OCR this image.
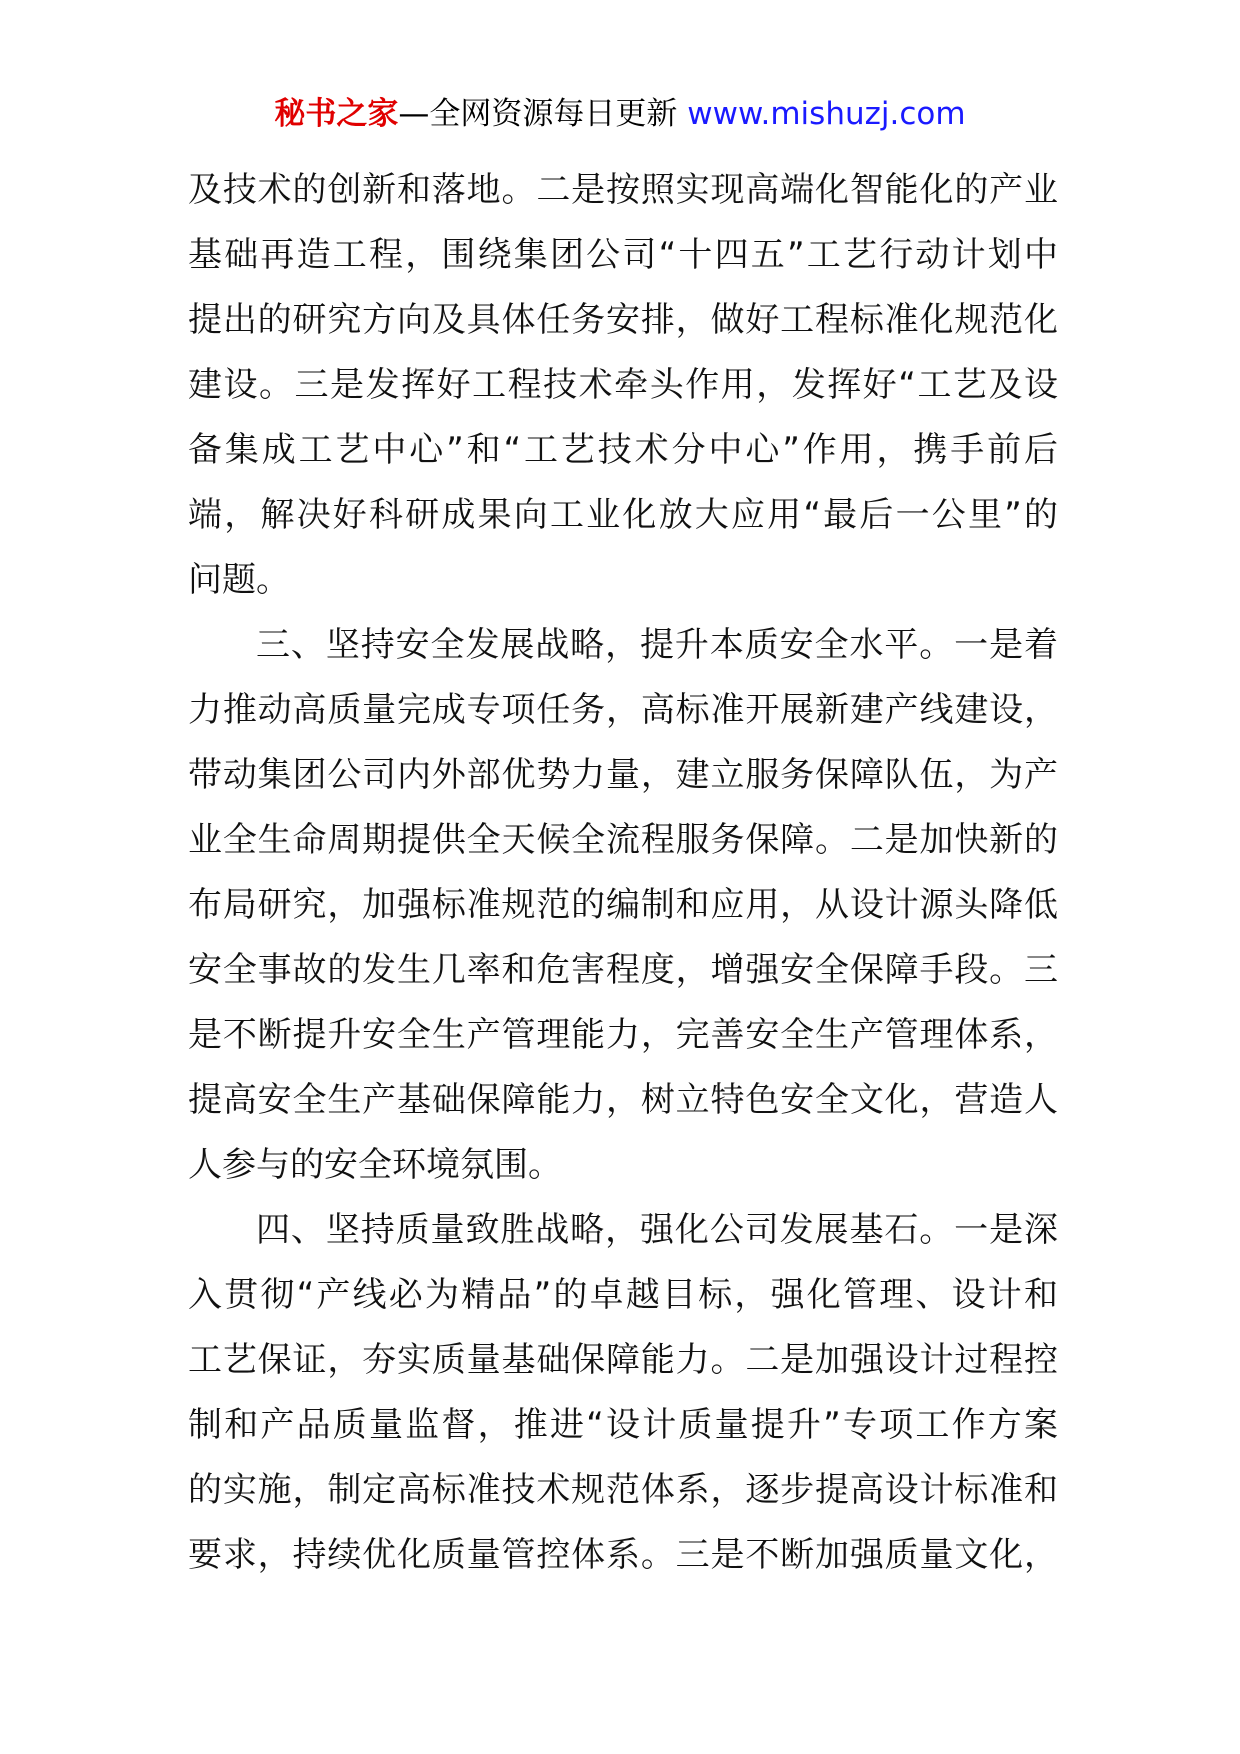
秘书之家—全网资源每日更新 www.mishuzj.com
及技术的创新和落地。二是按照实现高端化智能化的产业
基础再造工程，围绕集团公司“十四五”工艺行动计划中
提出的研究方向及具体任务安排，做好工程标准化规范化
建设。三是发挥好工程技术牵头作用，发挥好“工艺及设
备集成工艺中心”和“工艺技术分中心”作用，携手前后
端，解决好科研成果向工业化放大应用“最后一公里”的
问题。
三、坚持安全发展战略，提升本质安全水平。一是着
力推动高质量完成专项任务，高标准开展新建产线建设，
带动集团公司内外部优势力量，建立服务保障队伍，为产
业全生命周期提供全天候全流程服务保障。二是加快新的
布局研究，加强标准规范的编制和应用，从设计源头降低
安全事故的发生几率和危害程度，增强安全保障手段。三
是不断提升安全生产管理能力，完善安全生产管理体系，
提高安全生产基础保障能力，树立特色安全文化，营造人
人参与的安全环境氛围。
四、坚持质量致胜战略，强化公司发展基石。一是深
入贯彻“产线必为精品”的卓越目标，强化管理、设计和
工艺保证，夯实质量基础保障能力。二是加强设计过程控
制和产品质量监督，推进“设计质量提升”专项工作方案
的实施，制定高标准技术规范体系，逐步提高设计标准和
要求，持续优化质量管控体系。三是不断加强质量文化，
